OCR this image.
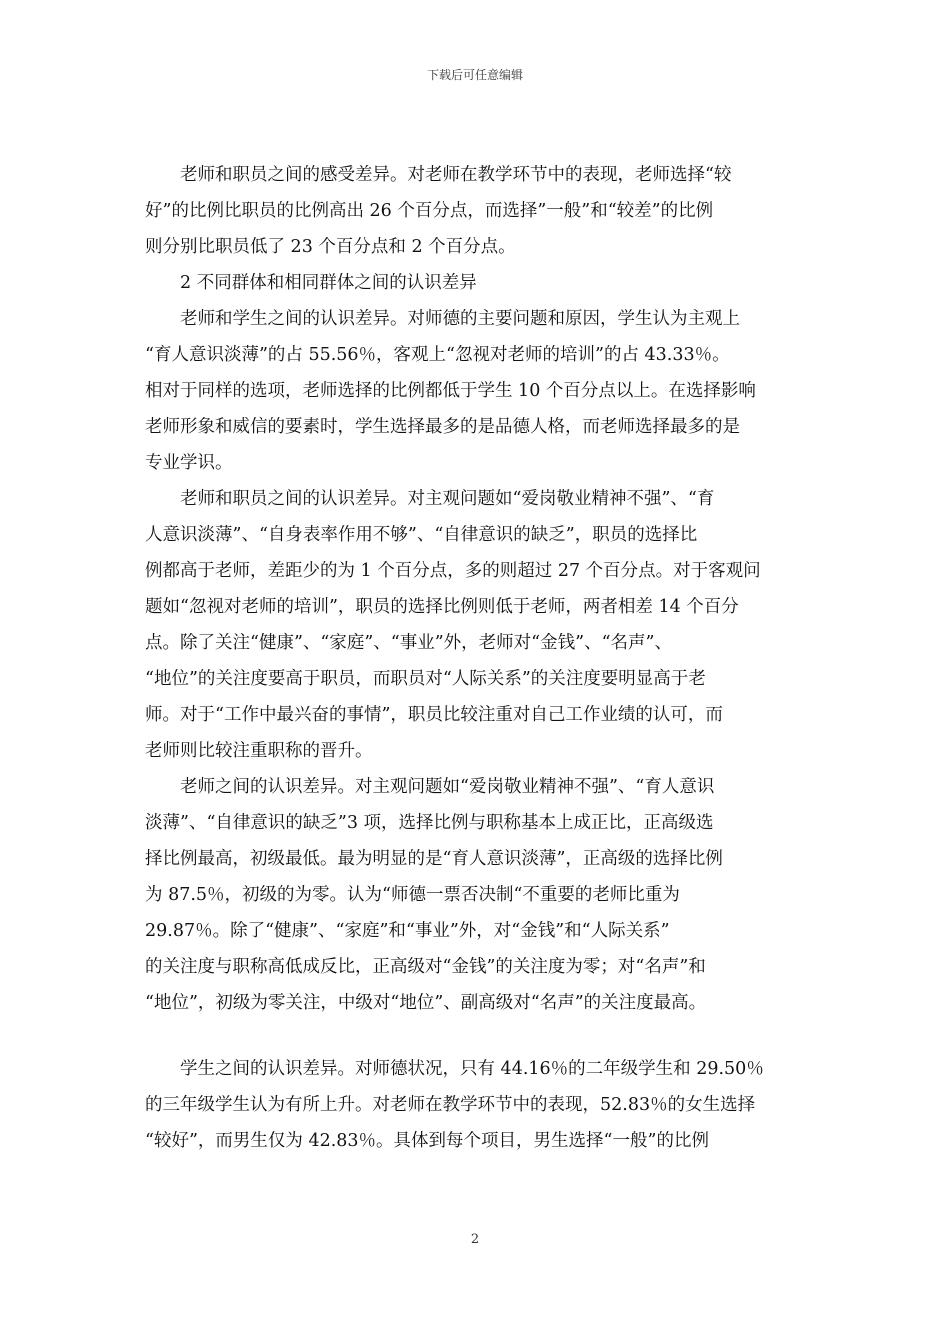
下载后可任意编辑
　　老师和职员之间的感受差异。对老师在教学环节中的表现，老师选择“较
好”的比例比职员的比例高出 26 个百分点，而选择”一般”和“较差”的比例
则分别比职员低了 23 个百分点和 2 个百分点。
　　2 不同群体和相同群体之间的认识差异
　　老师和学生之间的认识差异。对师德的主要问题和原因，学生认为主观上
“育人意识淡薄”的占 55.56％，客观上“忽视对老师的培训”的占 43.33％。
相对于同样的选项，老师选择的比例都低于学生 10 个百分点以上。在选择影响
老师形象和威信的要素时，学生选择最多的是品德人格，而老师选择最多的是
专业学识。
　　老师和职员之间的认识差异。对主观问题如“爱岗敬业精神不强”、“育
人意识淡薄”、“自身表率作用不够”、“自律意识的缺乏”，职员的选择比
例都高于老师，差距少的为 1 个百分点，多的则超过 27 个百分点。对于客观问
题如“忽视对老师的培训”，职员的选择比例则低于老师，两者相差 14 个百分
点。除了关注“健康”、“家庭”、“事业”外，老师对“金钱”、“名声”、
“地位”的关注度要高于职员，而职员对“人际关系”的关注度要明显高于老
师。对于“工作中最兴奋的事情”，职员比较注重对自己工作业绩的认可，而
老师则比较注重职称的晋升。
　　老师之间的认识差异。对主观问题如“爱岗敬业精神不强”、“育人意识
淡薄”、“自律意识的缺乏”3 项，选择比例与职称基本上成正比，正高级选
择比例最高，初级最低。最为明显的是“育人意识淡薄”，正高级的选择比例
为 87.5％，初级的为零。认为“师德一票否决制“不重要的老师比重为
29.87％。除了“健康”、“家庭”和“事业”外，对“金钱”和“人际关系”
的关注度与职称高低成反比，正高级对“金钱”的关注度为零；对“名声”和
“地位”，初级为零关注，中级对“地位”、副高级对“名声”的关注度最高。
　　学生之间的认识差异。对师德状况，只有 44.16％的二年级学生和 29.50％
的三年级学生认为有所上升。对老师在教学环节中的表现，52.83％的女生选择
“较好”，而男生仅为 42.83％。具体到每个项目，男生选择“一般”的比例
2
